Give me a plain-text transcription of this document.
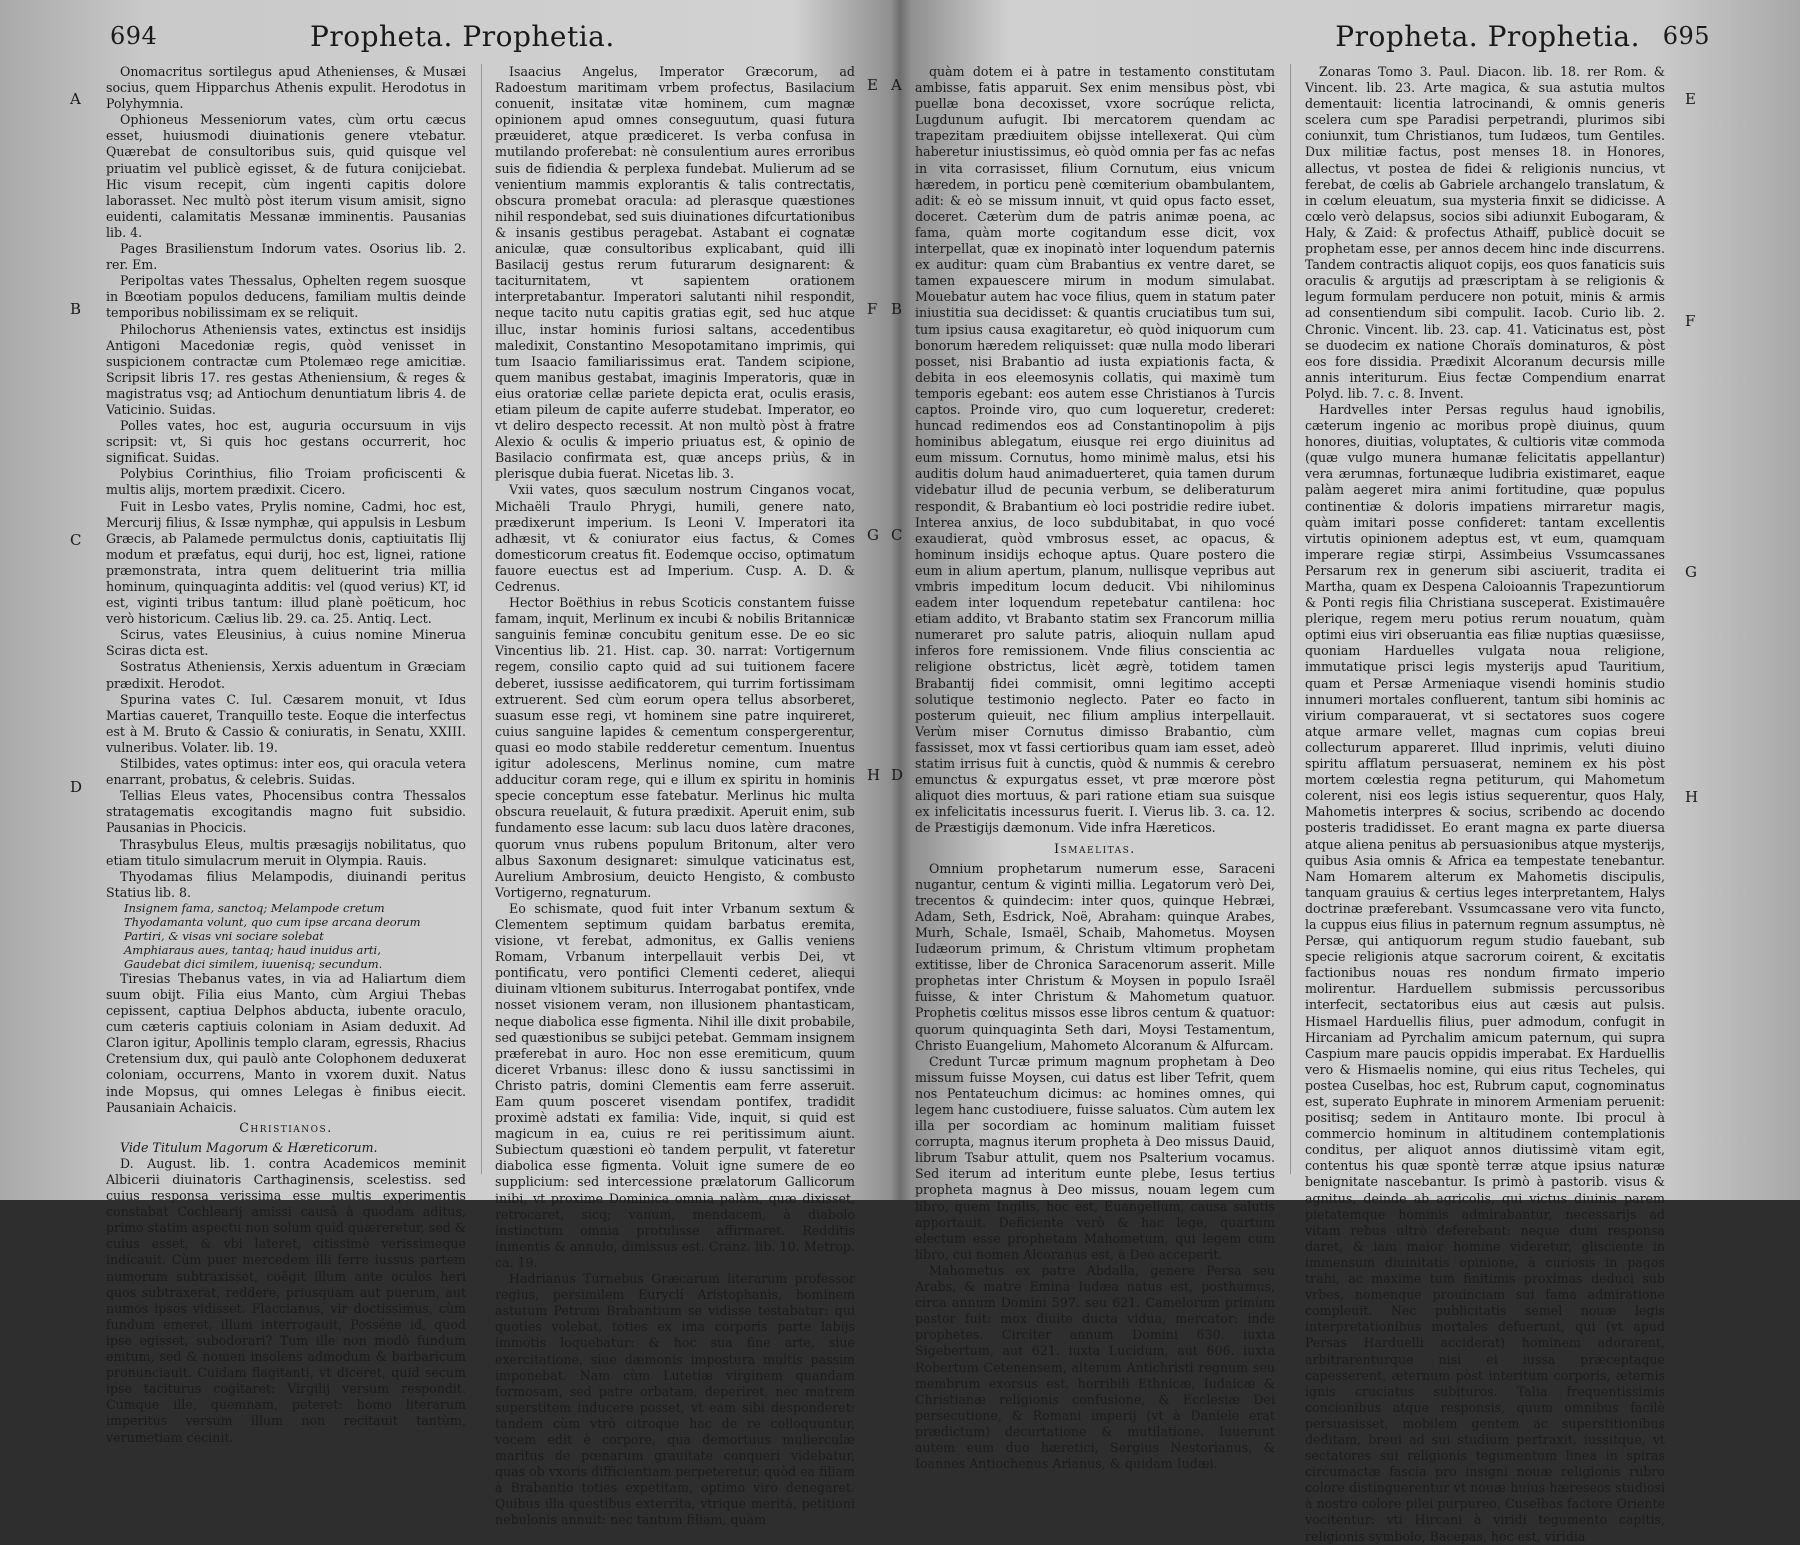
694	Propheta. Prophetia.
A
B
C
D
E
F
G
H

Onomacritus sortilegus apud Athenienses, & Musæi socius, quem Hipparchus Athenis expulit. Herodotus in Polyhymnia.

Ophioneus Messeniorum vates, cùm ortu cæcus esset, huiusmodi diuinationis genere vtebatur. Quærebat de consultoribus suis, quid quisque vel priuatim vel publicè egisset, & de futura conijciebat. Hic visum recepit, cùm ingenti capitis dolore laborasset. Nec multò pòst iterum visum amisit, signo euidenti, calamitatis Messanæ imminentis. Pausanias lib. 4.

Pages Brasilienstum Indorum vates. Osorius lib. 2. rer. Em.

Peripoltas vates Thessalus, Ophelten regem suosque in Bœotiam populos deducens, familiam multis deinde temporibus nobilissimam ex se reliquit.

Philochorus Atheniensis vates, extinctus est insidijs Antigoni Macedoniæ regis, quòd venisset in suspicionem contractæ cum Ptolemæo rege amicitiæ. Scripsit libris 17. res gestas Atheniensium, & reges & magistratus vsq; ad Antiochum denuntiatum libris 4. de Vaticinio. Suidas.

Polles vates, hoc est, auguria occursuum in vijs scripsit: vt, Si quis hoc gestans occurrerit, hoc significat. Suidas.

Polybius Corinthius, filio Troiam proficiscenti & multis alijs, mortem prædixit. Cicero.

Fuit in Lesbo vates, Prylis nomine, Cadmi, hoc est, Mercurij filius, & Issæ nymphæ, qui appulsis in Lesbum Græcis, ab Palamede permulctus donis, captiuitatis Ilij modum et præfatus, equi durij, hoc est, lignei, ratione præmonstrata, intra quem delituerint tria millia hominum, quinquaginta additis: vel (quod verius) KT, id est, viginti tribus tantum: illud planè poëticum, hoc verò historicum. Cælius lib. 29. ca. 25. Antiq. Lect.

Scirus, vates Eleusinius, à cuius nomine Minerua Sciras dicta est.

Sostratus Atheniensis, Xerxis aduentum in Græciam prædixit. Herodot.

Spurina vates C. Iul. Cæsarem monuit, vt Idus Martias caueret, Tranquillo teste. Eoque die interfectus est à M. Bruto & Cassio & coniuratis, in Senatu, XXIII. vulneribus. Volater. lib. 19.

Stilbides, vates optimus: inter eos, qui oracula vetera enarrant, probatus, & celebris. Suidas.

Tellias Eleus vates, Phocensibus contra Thessalos stratagematis excogitandis magno fuit subsidio. Pausanias in Phocicis.

Thrasybulus Eleus, multis præsagijs nobilitatus, quo etiam titulo simulacrum meruit in Olympia. Rauis.

Thyodamas filius Melampodis, diuinandi peritus Statius lib. 8.

Insignem fama, sanctoq; Melampode cretum

Thyodamanta volunt, quo cum ipse arcana deorum

Partiri, & visas vni sociare solebat

Amphiaraus aues, tantaq; haud inuidus arti,

Gaudebat dici similem, iuuenisq; secundum.

Tiresias Thebanus vates, in via ad Haliartum diem suum obijt. Filia eius Manto, cùm Argiui Thebas cepissent, captiua Delphos abducta, iubente oraculo, cum cæteris captiuis coloniam in Asiam deduxit. Ad Claron igitur, Apollinis templo claram, egressis, Rhacius Cretensium dux, qui paulò ante Colophonem deduxerat coloniam, occurrens, Manto in vxorem duxit. Natus inde Mopsus, qui omnes Lelegas è finibus eiecit. Pausaniain Achaicis.

Christianos.

Vide Titulum Magorum & Hæreticorum.

D. August. lib. 1. contra Academicos meminit Albicerii diuinatoris Carthaginensis, scelestiss. sed cuius responsa verissima esse multis experimentis constabat Cochlearij amissi causâ à quodam aditus, primo statim aspectu non solum quid quæreretur, sed & cuius esset, & vbi lateret, citissimè verissimeque indicauit. Cùm puer mercedem illi ferre iussus partem numorum subtraxisset, coëgit illum ante oculos heri quos subtraxerat, reddere, priusquam aut puerum, aut numos ipsos vidisset. Flaccianus, vir doctissimus, cùm fundum emeret, illum interrogauit, Posséne id, quod ipse egisset, subodorari? Tum ille non modò fundum emtum, sed & nomen insolens admodum & barbaricum pronunciauit. Cuidam flagitanti, vt diceret, quid secum ipse taciturus cogitaret: Virgilij versum respondit. Cumque ille, quemnam, peteret: homo literarum imperitus versum illum non recitauit tantùm, verumetiam cecinit.

Isaacius Angelus, Imperator Græcorum, ad Radoestum maritimam vrbem profectus, Basilacium conuenit, insitatæ vitæ hominem, cum magnæ opinionem apud omnes conseguutum, quasi futura præuideret, atque prædiceret. Is verba confusa in mutilando proferebat: nè consulentium aures erroribus suis de fidiendia & perplexa fundebat. Mulierum ad se venientium mammis explorantis & talis contrectatis, obscura promebat oracula: ad plerasque quæstiones nihil respondebat, sed suis diuinationes difcurtationibus & insanis gestibus peragebat. Astabant ei cognatæ aniculæ, quæ consultoribus explicabant, quid illi Basilacij gestus rerum futurarum designarent: & taciturnitatem, vt sapientem orationem interpretabantur. Imperatori salutanti nihil respondit, neque tacito nutu capitis gratias egit, sed huc atque illuc, instar hominis furiosi saltans, accedentibus maledixit, Constantino Mesopotamitano imprimis, qui tum Isaacio familiarissimus erat. Tandem scipione, quem manibus gestabat, imaginis Imperatoris, quæ in eius oratoriæ cellæ pariete depicta erat, oculis erasis, etiam pileum de capite auferre studebat. Imperator, eo vt deliro despecto recessit. At non multò pòst à fratre Alexio & oculis & imperio priuatus est, & opinio de Basilacio confirmata est, quæ anceps priùs, & in plerisque dubia fuerat. Nicetas lib. 3.

Vxii vates, quos sæculum nostrum Cinganos vocat, Michaëli Traulo Phrygi, humili, genere nato, prædixerunt imperium. Is Leoni V. Imperatori ita adhæsit, vt & coniurator eius factus, & Comes domesticorum creatus fit. Eodemque occiso, optimatum fauore euectus est ad Imperium. Cusp. A. D. & Cedrenus.

Hector Boëthius in rebus Scoticis constantem fuisse famam, inquit, Merlinum ex incubi & nobilis Britannicæ sanguinis feminæ concubitu genitum esse. De eo sic Vincentius lib. 21. Hist. cap. 30. narrat: Vortigernum regem, consilio capto quid ad sui tuitionem facere deberet, iussisse aedificatorem, qui turrim fortissimam extruerent. Sed cùm eorum opera tellus absorberet, suasum esse regi, vt hominem sine patre inquireret, cuius sanguine lapides & cementum conspergerentur, quasi eo modo stabile redderetur cementum. Inuentus igitur adolescens, Merlinus nomine, cum matre adducitur coram rege, qui e illum ex spiritu in hominis specie conceptum esse fatebatur. Merlinus hic multa obscura reuelauit, & futura prædixit. Aperuit enim, sub fundamento esse lacum: sub lacu duos latère dracones, quorum vnus rubens populum Britonum, alter vero albus Saxonum designaret: simulque vaticinatus est, Aurelium Ambrosium, deuicto Hengisto, & combusto Vortigerno, regnaturum.

Eo schismate, quod fuit inter Vrbanum sextum & Clementem septimum quidam barbatus eremita, visione, vt ferebat, admonitus, ex Gallis veniens Romam, Vrbanum interpellauit verbis Dei, vt pontificatu, vero pontifici Clementi cederet, aliequi diuinam vltionem subiturus. Interrogabat pontifex, vnde nosset visionem veram, non illusionem phantasticam, neque diabolica esse figmenta. Nihil ille dixit probabile, sed quæstionibus se subijci petebat. Gemmam insignem præferebat in auro. Hoc non esse eremiticum, quum diceret Vrbanus: illesc dono & iussu sanctissimi in Christo patris, domini Clementis eam ferre asseruit. Eam quum posceret visendam pontifex, tradidit proximè adstati ex familia: Vide, inquit, si quid est magicum in ea, cuius re rei peritissimum aiunt. Subiectum quæstioni eò tandem perpulit, vt fateretur diabolica esse figmenta. Voluit igne sumere de eo supplicium: sed intercessione prælatorum Gallicorum inibi, vt proxime Dominica omnia palàm, quæ dixisset, retrocaret, sicq; vanum, mendacem, à diabolo instinctum omnia protulisse affirmaret. Redditis inmentis & annulo, dimissus est. Cranz. lib. 10. Metrop. ca. 19.

Hadrianus Turnebus Græcarum literarum professor regius, persimilem Euryclí Aristophanis, hominem astutum Petrum Brabantium se vidisse testabatur: qui quoties volebat, toties ex ima corporis parte labijs immotis loquebatur: & hoc sua fine arte, siue exercitatione, siue dæmonis impostura multis passim imponebat. Nam cùm Lutetiæ virginem quandam formosam, sed patre orbatam, deperiret, nec matrem superstitem inducere posset, vt eam sibi desponderet: tandem cùm vtrò citroque hac de re colloquuntur, vocem edit è corpore, qua demortuus mulierculæ maritus de pœnarum grauitate conqueri videbatur, quas ob vxoris difficientiam perpeteretur, quòd ea filiam à Brabantio toties expetitam, optimo viro denegaret. Quibus illa questibus exterrita, vtrique merità, petitioni nebulonis annuit: nec tantum filiam, quàm

Propheta. Prophetia. 695
A
B
C
D
E
F
G
H

quàm dotem ei à patre in testamento constitutam ambisse, fatis apparuit. Sex enim mensibus pòst, vbi puellæ bona decoxisset, vxore socrúque relicta, Lugdunum aufugit. Ibi mercatorem quendam ac trapezitam prædiuitem obijsse intellexerat. Qui cùm haberetur iniustissimus, eò quòd omnia per fas ac nefas in vita corrasisset, filium Cornutum, eius vnicum hæredem, in porticu penè cœmiterium obambulantem, adit: & eò se missum innuit, vt quid opus facto esset, doceret. Cæterùm dum de patris animæ poena, ac fama, quàm morte cogitandum esse dicit, vox interpellat, quæ ex inopinatò inter loquendum paternis ex auditur: quam cùm Brabantius ex ventre daret, se tamen expauescere mirum in modum simulabat. Mouebatur autem hac voce filius, quem in statum pater iniustitia sua decidisset: & quantis cruciatibus tum sui, tum ipsius causa exagitaretur, eò quòd iniquorum cum bonorum hæredem reliquisset: quæ nulla modo liberari posset, nisi Brabantio ad iusta expiationis facta, & debita in eos eleemosynis collatis, qui maximè tum temporis egebant: eos autem esse Christianos à Turcis captos. Proinde viro, quo cum loqueretur, crederet: huncad redimendos eos ad Constantinopolim à pijs hominibus ablegatum, eiusque rei ergo diuinitus ad eum missum. Cornutus, homo minimè malus, etsi his auditis dolum haud animaduerteret, quia tamen durum videbatur illud de pecunia verbum, se deliberaturum respondit, & Brabantium eò loci postridie redire iubet. Interea anxius, de loco subdubitabat, in quo vocé exaudierat, quòd vmbrosus esset, ac opacus, & hominum insidijs echoque aptus. Quare postero die eum in alium apertum, planum, nullisque vepribus aut vmbris impeditum locum deducit. Vbi nihilominus eadem inter loquendum repetebatur cantilena: hoc etiam addito, vt Brabanto statim sex Francorum millia numeraret pro salute patris, alioquin nullam apud inferos fore remissionem. Vnde filius conscientia ac religione obstrictus, licèt ægrè, totidem tamen Brabantij fidei commisit, omni legitimo accepti solutique testimonio neglecto. Pater eo facto in posterum quieuit, nec filium amplius interpellauit. Verùm miser Cornutus dimisso Brabantio, cùm fassisset, mox vt fassi certioribus quam iam esset, adeò statim irrisus fuit à cunctis, quòd & nummis & cerebro emunctus & expurgatus esset, vt præ mœrore pòst aliquot dies mortuus, & pari ratione etiam sua suisque ex infelicitatis incessurus fuerit. I. Vierus lib. 3. ca. 12. de Præstigijs dæmonum. Vide infra Hæreticos.

Ismaelitas.

Omnium prophetarum numerum esse, Saraceni nugantur, centum & viginti millia. Legatorum verò Dei, trecentos & quindecim: inter quos, quinque Hebræi, Adam, Seth, Esdrick, Noë, Abraham: quinque Arabes, Murh, Schale, Ismaël, Schaib, Mahometus. Moysen Iudæorum primum, & Christum vltimum prophetam extitisse, liber de Chronica Saracenorum asserit. Mille prophetas inter Christum & Moysen in populo Israël fuisse, & inter Christum & Mahometum quatuor. Prophetis cœlitus missos esse libros centum & quatuor: quorum quinquaginta Seth dari, Moysi Testamentum, Christo Euangelium, Mahometo Alcoranum & Alfurcam.

Credunt Turcæ primum magnum prophetam à Deo missum fuisse Moysen, cui datus est liber Tefrit, quem nos Pentateuchum dicimus: ac homines omnes, qui legem hanc custodiuere, fuisse saluatos. Cùm autem lex illa per socordiam ac hominum malitiam fuisset corrupta, magnus iterum propheta à Deo missus Dauid, librum Tsabur attulit, quem nos Psalterium vocamus. Sed iterum ad interitum eunte plebe, Iesus tertius propheta magnus à Deo missus, nouam legem cum libro, quem Ingilis, hoc est, Euangelium, causa salutis apportauit. Deficiente verò & hac lege, quartum electum esse prophetam Mahometum, qui legem cum libro, cui nomen Alcoranus est, à Deo acceperit.

Mahometus ex patre Abdalla, genere Persa seu Arabs, & matre Emina Iudæa natus est, posthumus, circa annum Domini 597. seu 621. Camelorum primùm pastor fuit: mox diuite ducta vidua, mercator: inde prophetes. Circiter annum Domini 630. iuxta Sigebertum, aut 621. iuxta Lucidum, aut 606. iuxta Robertum Cetenensem, alterum Antichristi regnum seu membrum exorsus est, horribili Ethnicæ, Iudaicæ & Christianæ religionis confusione, & Ecclesiæ Dei persecutione, & Romani imperij (vt à Daniele erat prædictum) decurtatione & mutilatione. Iuuerunt autem eum duo hæretici, Sergius Nestorianus, & Ioannes Antiochenus Arianus, & quidam Iudæi.

Zonaras Tomo 3. Paul. Diacon. lib. 18. rer Rom. & Vincent. lib. 23. Arte magica, & sua astutia multos dementauit: licentia latrocinandi, & omnis generis scelera cum spe Paradisi perpetrandi, plurimos sibi coniunxit, tum Christianos, tum Iudæos, tum Gentiles. Dux militiæ factus, post menses 18. in Honores, allectus, vt postea de fidei & religionis nuncius, vt ferebat, de cœlis ab Gabriele archangelo translatum, & in cœlum eleuatum, sua mysteria finxit se didicisse. A cœlo verò delapsus, socios sibi adiunxit Eubogaram, & Haly, & Zaid: & profectus Athaiff, publicè docuit se prophetam esse, per annos decem hinc inde discurrens. Tandem contractis aliquot copijs, eos quos fanaticis suis oraculis & argutijs ad præscriptam à se religionis & legum formulam perducere non potuit, minis & armis ad consentiendum sibi compulit. Iacob. Curio lib. 2. Chronic. Vincent. lib. 23. cap. 41. Vaticinatus est, pòst se duodecim ex natione Choraïs dominaturos, & pòst eos fore dissidia. Prædixit Alcoranum decursis mille annis interiturum. Eius fectæ Compendium enarrat Polyd. lib. 7. c. 8. Invent.

Hardvelles inter Persas regulus haud ignobilis, cæterum ingenio ac moribus propè diuinus, quum honores, diuitias, voluptates, & cultioris vitæ commoda (quæ vulgo munera humanæ felicitatis appellantur) vera ærumnas, fortunæque ludibria existimaret, eaque palàm aegeret mira animi fortitudine, quæ populus continentiæ & doloris impatiens mirraretur magis, quàm imitari posse confideret: tantam excellentis virtutis opinionem adeptus est, vt eum, quamquam imperare regiæ stirpi, Assimbeius Vssumcassanes Persarum rex in generum sibi asciuerit, tradita ei Martha, quam ex Despena Caloioannis Trapezuntiorum & Ponti regis filia Christiana susceperat. Existimauêre plerique, regem meru potius rerum nouatum, quàm optimi eius viri obseruantia eas filiæ nuptias quæsiisse, quoniam Harduelles vulgata noua religione, immutatique prisci legis mysterijs apud Tauritium, quam et Persæ Armeniaque visendi hominis studio innumeri mortales confluerent, tantum sibi hominis ac virium comparauerat, vt si sectatores suos cogere atque armare vellet, magnas cum copias breui collecturum appareret. Illud inprimis, veluti diuino spiritu afflatum persuaserat, neminem ex his pòst mortem cœlestia regna petiturum, qui Mahometum colerent, nisi eos legis istius sequerentur, quos Haly, Mahometis interpres & socius, scribendo ac docendo posteris tradidisset. Eo erant magna ex parte diuersa atque aliena penitus ab persuasionibus atque mysterijs, quibus Asia omnis & Africa ea tempestate tenebantur. Nam Homarem alterum ex Mahometis discipulis, tanquam grauius & certius leges interpretantem, Halys doctrinæ præferebant. Vssumcassane vero vita functo, la cuppus eius filius in paternum regnum assumptus, nè Persæ, qui antiquorum regum studio fauebant, sub specie religionis atque sacrorum coirent, & excitatis factionibus nouas res nondum firmato imperio molirentur. Harduellem submissis percussoribus interfecit, sectatoribus eius aut cæsis aut pulsis. Hismael Harduellis filius, puer admodum, confugit in Hircaniam ad Pyrchalim amicum paternum, qui supra Caspium mare paucis oppidis imperabat. Ex Harduellis vero & Hismaelis nomine, qui eius ritus Techeles, qui postea Cuselbas, hoc est, Rubrum caput, cognominatus est, superato Euphrate in minorem Armeniam peruenit: positisq; sedem in Antitauro monte. Ibi procul à commercio hominum in altitudinem contemplationis conditus, per aliquot annos diutissimè vitam egit, contentus his quæ spontè terræ atque ipsius naturæ benignitate nascebantur. Is primò à pastorib. visus & agnitus, deinde ab agricolis, qui victus diuinis parem pietatemque hominis admirabantur, necessarijs ad vitam rebus ultrò deferebant: neque dum responsa daret, & iam maior homine videretur, glisciente in immensum diuinitatis opinione, à curiosis in pagos trahi, ac maxime tum finitimis proximas deduci sub vrbes, nomenque prouinciam sui fama admiratione compleuit. Nec publicitatis semel nouæ legis interpretationibus mortales defuerunt, qui (vt apud Persas Harduelli acciderat) hominem adorarent, arbitrarenturque nisi ei iussa præceptaque capesserent, æternum pòst interitum corporis, æternis ignis cruciatus subituros. Talia frequentissimis concionibus atque responsis, quum omnibus facilè persuasisset, mobilem gentem ac superstitionibus deditam, breui ad sui studium pertraxit, iussitque, vt sectatores sui religionis tegumentum linea in spiras circumactæ fascia pro insigni nouæ religionis rubro colore distinguerentur vt nouæ huius hæreseos studiosi à nostro colore pilei purpureo, Cuselbas factore Oriente vocitentur: vti Hircani à viridi tegumento capitis, religionis symbolo, Bacepas, hoc est, viridia
